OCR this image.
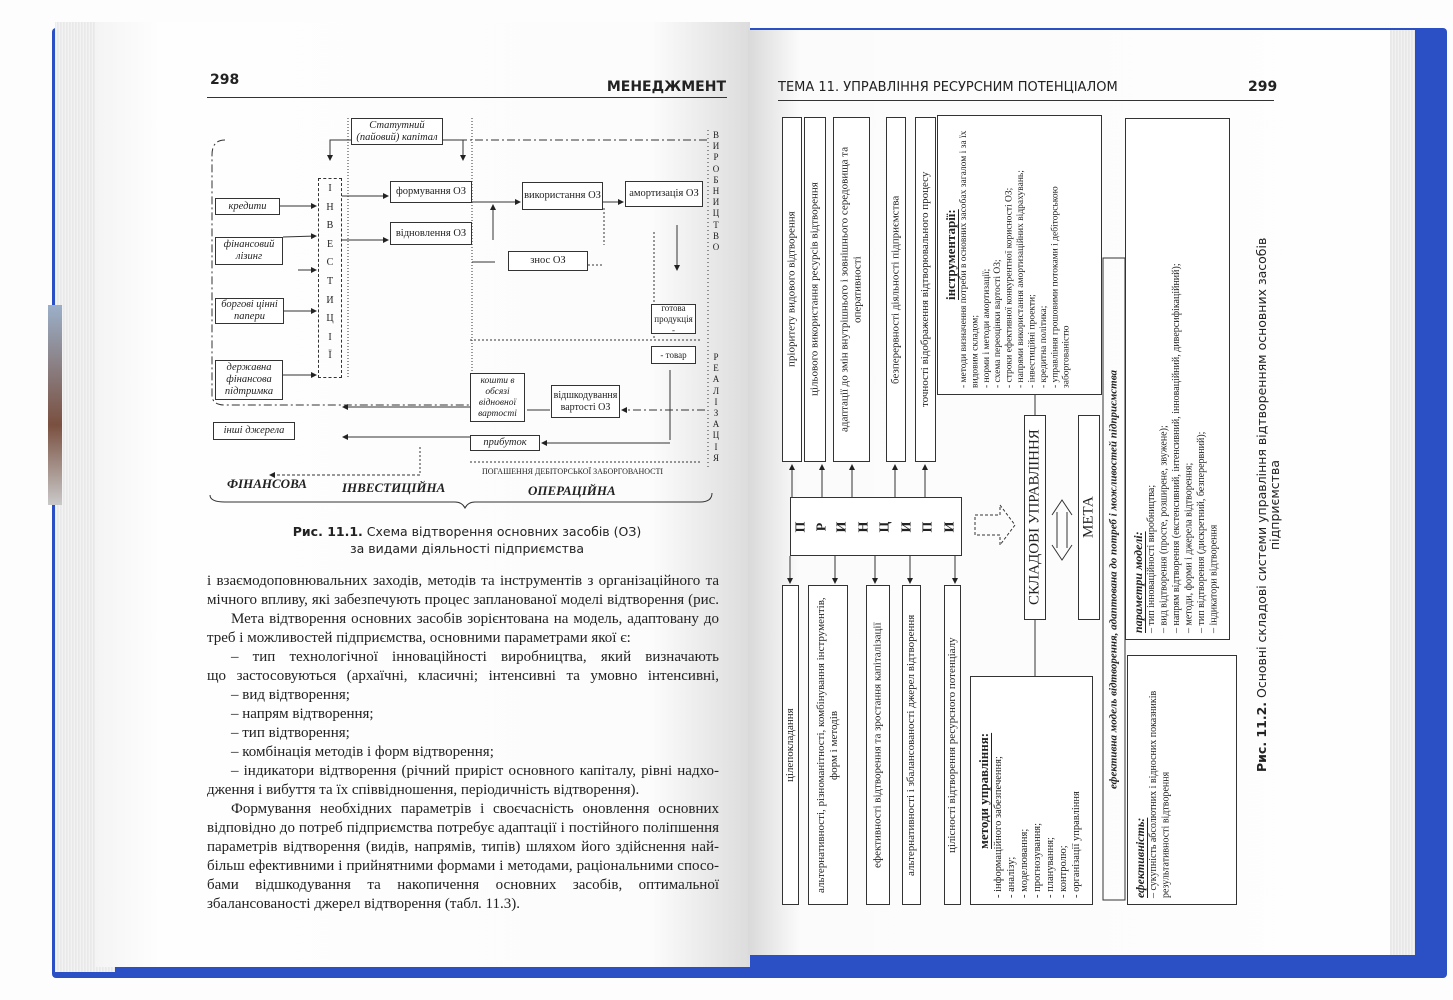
298	МЕНЕДЖМЕНТ
Статутний (пайовий) капітал
кредити
фінансовий лізинг
боргові цінні папери
державна фінансова підтримка
інші джерела
І
Н
В
Е
С
Т
И
Ц
І
Ї
формування ОЗ
відновлення ОЗ
використання ОЗ	амортизація ОЗ
знос ОЗ
готова продукція -
- товар
кошти в обсязі відновної вартості
відшкодування вартості ОЗ
прибуток
В
И
Р
О
Б
Н
И
Ц
Т
В
О
Р
Е
А
Л
І
З
А
Ц
І
Я
ПОГАШЕННЯ ДЕБІТОРСЬКОЇ ЗАБОРГОВАНОСТІ
ФІНАНСОВА	ІНВЕСТИЦІЙНА	ОПЕРАЦІЙНА
Рис. 11.1. Схема відтворення основних засобів (ОЗ)
за видами діяльності підприємства
і взаємодоповнювальних заходів, методів та інструментів з організаційного та
мічного впливу, які забезпечують процес запланованої моделі відтворення (рис.
Мета відтворення основних засобів зорієнтована на модель, адаптовану до
треб і можливостей підприємства, основними параметрами якої є:
– тип технологічної інноваційності виробництва, який визначають
що застосовуються (архаїчні, класичні; інтенсивні та умовно інтенсивні,
– вид відтворення;
– напрям відтворення;
– тип відтворення;
– комбінація методів і форм відтворення;
– індикатори відтворення (річний приріст основного капіталу, рівні надхо-
дження і вибуття та їх співвідношення, періодичність відтворення).
Формування необхідних параметрів і своєчасність оновлення основних
відповідно до потреб підприємства потребує адаптації і постійного поліпшення
параметрів відтворення (видів, напрямів, типів) шляхом його здійснення най-
більш ефективними і прийнятними формами і методами, раціональними спосо-
бами відшкодування та накопичення основних засобів, оптимальної
збалансованості джерел відтворення (табл. 11.3).
ТЕМА 11. УПРАВЛІННЯ РЕСУРСНИМ ПОТЕНЦІАЛОМ	299
пріоритету видового відтворення	цільового використання ресурсів відтворення	адаптації до змін внутрішнього і зовнішнього середовища та оперативності	безперервності діяльності підприємства	точності відображення відтворювального процесу інструментарії: - методи визначення потреби в основних засобах загалом і за їх видовим складом; - норми і методи амортизації; - схема переоцінки вартості ОЗ; - строки ефективної конкурентної корисності ОЗ; - напрями використання амортизаційних відрахувань; - інвестиційні проекти; - кредитна політика; - управління грошовими потоками і дебіторською заборгованістю
П Р И Н Ц И П И	СКЛАДОВІ УПРАВЛІННЯ	МЕТА	ефективна модель відтворення, адаптована до потреб і можливостей підприємства
цілепокладання	альтернативності, різноманітності, комбінування інструментів, форм і методів	ефективності відтворення та зростання капіталізації	альтернативності і збалансованості джерел відтворення	цілісності відтворення ресурсного потенціалу методи управління: - інформаційного забезпечення; - аналізу; - моделювання; - прогнозування; - планування; - контролю; - організації управління
параметри моделі: – тип інноваційності виробництва; – вид відтворення (просте, розширене, звужене); – напрям відтворення (екстенсивний, інтенсивний, інноваційний, диверсифікаційний); – методи, форми і джерела відтворення; – тип відтворення (дискретний, безперервний); – індикатори відтворення
ефективність: – сукупність абсолютних і відносних показників результативності відтворення
Рис. 11.2. Основні складові системи управління відтворенням основних засобів підприємства
